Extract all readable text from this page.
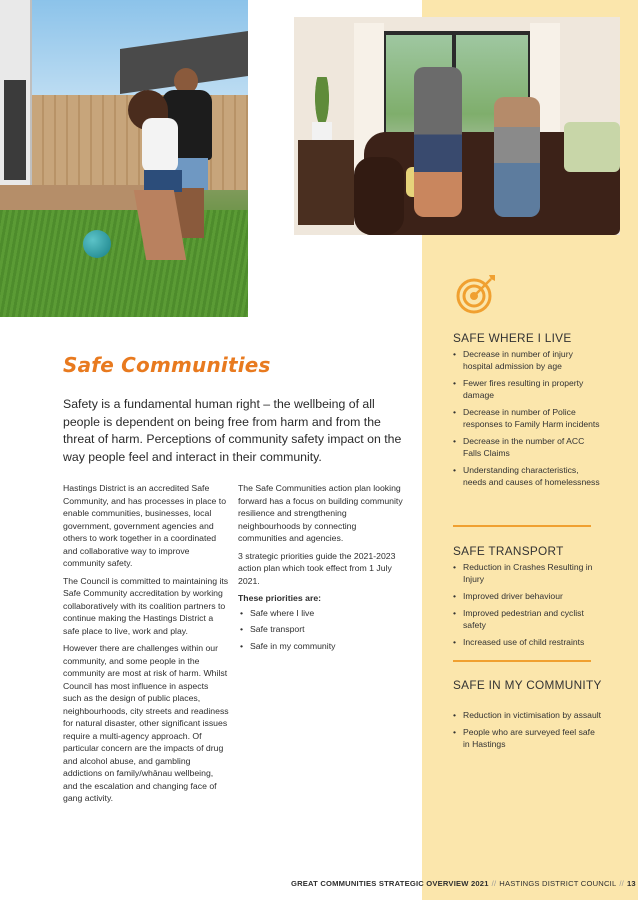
Safe Communities

Safety is a fundamental human right – the wellbeing of all people is dependent on being free from harm and from the threat of harm. Perceptions of community safety impact on the way people feel and interact in their community.

Hastings District is an accredited Safe Community, and has processes in place to enable communities, businesses, local government, government agencies and others to work together in a coordinated and collaborative way to improve community safety.

The Council is committed to maintaining its Safe Community accreditation by working collaboratively with its coalition partners to continue making the Hastings District a safe place to live, work and play.

However there are challenges within our community, and some people in the community are most at risk of harm. Whilst Council has most influence in aspects such as the design of public places, neighbourhoods, city streets and readiness for natural disaster, other significant issues require a multi-agency approach. Of particular concern are the impacts of drug and alcohol abuse, and gambling addictions on family/whānau wellbeing, and the escalation and changing face of gang activity.

The Safe Communities action plan looking forward has a focus on building community resilience and strengthening neighbourhoods by connecting communities and agencies.

3 strategic priorities guide the 2021-2023 action plan which took effect from 1 July 2021.

These priorities are:

• Safe where I live
• Safe transport
• Safe in my community
SAFE WHERE I LIVE
• Decrease in number of injury hospital admission by age
• Fewer fires resulting in property damage
• Decrease in number of Police responses to Family Harm incidents
• Decrease in the number of ACC Falls Claims
• Understanding characteristics, needs and causes of homelessness
SAFE TRANSPORT
• Reduction in Crashes Resulting in Injury
• Improved driver behaviour
• Improved pedestrian and cyclist safety
• Increased use of child restraints
SAFE IN MY COMMUNITY
• Reduction in victimisation by assault
• People who are surveyed feel safe in Hastings
GREAT COMMUNITIES STRATEGIC OVERVIEW 2021 // HASTINGS DISTRICT COUNCIL // 13
